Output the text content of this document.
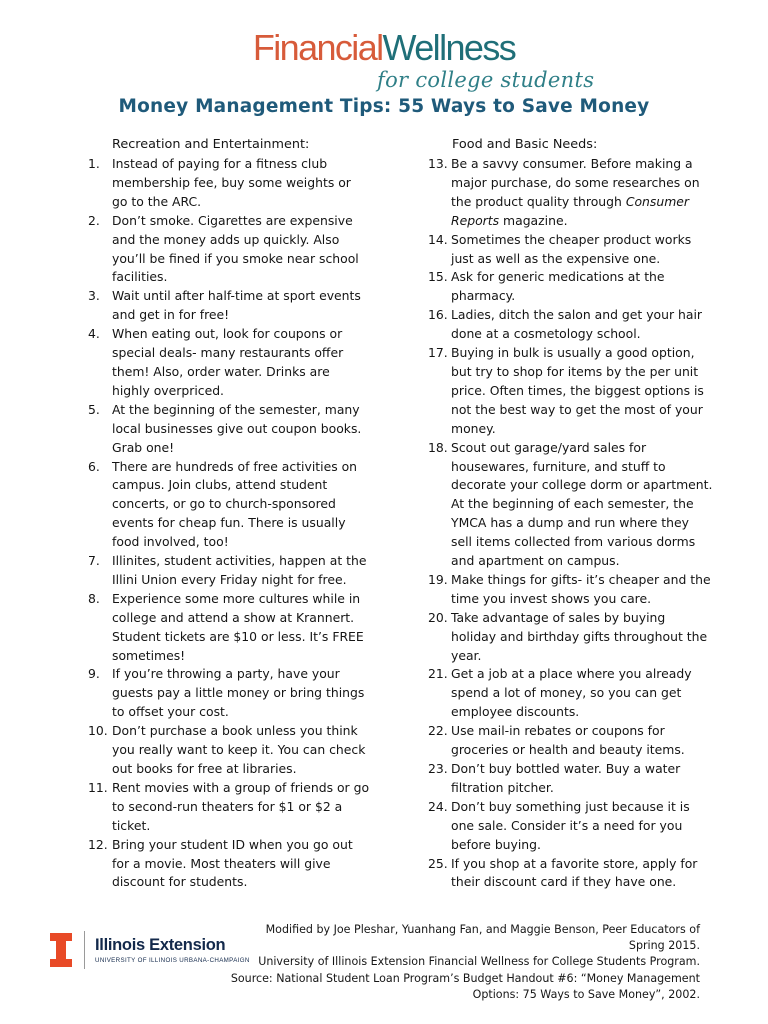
FinancialWellness
for college students
Money Management Tips: 55 Ways to Save Money
Recreation and Entertainment:
1. Instead of paying for a fitness club membership fee, buy some weights or go to the ARC.
2. Don’t smoke. Cigarettes are expensive and the money adds up quickly. Also you’ll be fined if you smoke near school facilities.
3. Wait until after half-time at sport events and get in for free!
4. When eating out, look for coupons or special deals- many restaurants offer them! Also, order water. Drinks are highly overpriced.
5. At the beginning of the semester, many local businesses give out coupon books. Grab one!
6. There are hundreds of free activities on campus. Join clubs, attend student concerts, or go to church-sponsored events for cheap fun. There is usually food involved, too!
7. Illinites, student activities, happen at the Illini Union every Friday night for free.
8. Experience some more cultures while in college and attend a show at Krannert. Student tickets are $10 or less. It’s FREE sometimes!
9. If you’re throwing a party, have your guests pay a little money or bring things to offset your cost.
10. Don’t purchase a book unless you think you really want to keep it. You can check out books for free at libraries.
11. Rent movies with a group of friends or go to second-run theaters for $1 or $2 a ticket.
12. Bring your student ID when you go out for a movie. Most theaters will give discount for students.
Food and Basic Needs:
13. Be a savvy consumer. Before making a major purchase, do some researches on the product quality through Consumer Reports magazine.
14. Sometimes the cheaper product works just as well as the expensive one.
15. Ask for generic medications at the pharmacy.
16. Ladies, ditch the salon and get your hair done at a cosmetology school.
17. Buying in bulk is usually a good option, but try to shop for items by the per unit price. Often times, the biggest options is not the best way to get the most of your money.
18. Scout out garage/yard sales for housewares, furniture, and stuff to decorate your college dorm or apartment. At the beginning of each semester, the YMCA has a dump and run where they sell items collected from various dorms and apartment on campus.
19. Make things for gifts- it’s cheaper and the time you invest shows you care.
20. Take advantage of sales by buying holiday and birthday gifts throughout the year.
21. Get a job at a place where you already spend a lot of money, so you can get employee discounts.
22. Use mail-in rebates or coupons for groceries or health and beauty items.
23. Don’t buy bottled water. Buy a water filtration pitcher.
24. Don’t buy something just because it is one sale. Consider it’s a need for you before buying.
25. If you shop at a favorite store, apply for their discount card if they have one.
Illinois Extension
UNIVERSITY OF ILLINOIS URBANA-CHAMPAIGN
Modified by Joe Pleshar, Yuanhang Fan, and Maggie Benson, Peer Educators of Spring 2015.
University of Illinois Extension Financial Wellness for College Students Program.
Source: National Student Loan Program’s Budget Handout #6: “Money Management
Options: 75 Ways to Save Money”, 2002.
